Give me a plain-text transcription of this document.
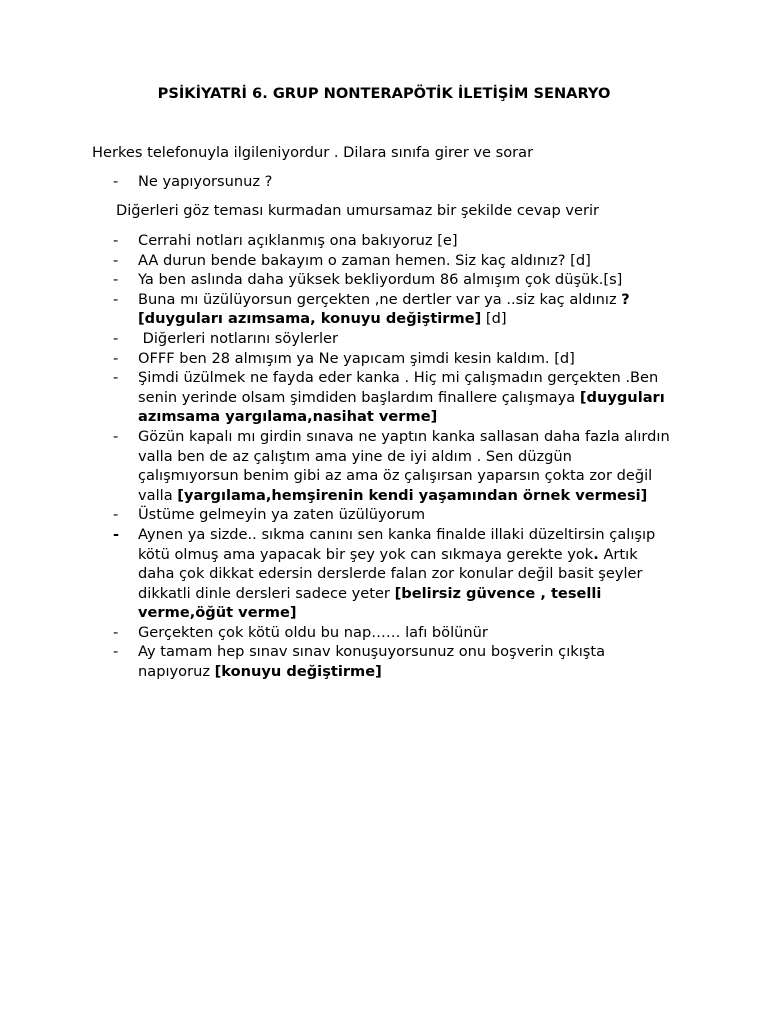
PSİKİYATRİ 6. GRUP NONTERAPÖTİK İLETİŞİM SENARYO
Herkes telefonuyla ilgileniyordur . Dilara sınıfa girer ve sorar
- Ne yapıyorsunuz ?
Diğerleri göz teması kurmadan umursamaz bir şekilde cevap verir
- Cerrahi notları açıklanmış ona bakıyoruz [e]
- AA durun bende bakayım o zaman hemen. Siz kaç aldınız? [d]
- Ya ben aslında daha yüksek bekliyordum 86 almışım çok düşük.[s]
- Buna mı üzülüyorsun gerçekten ,ne dertler var ya ..siz kaç aldınız ? [duyguları azımsama, konuyu değiştirme] [d]
- Diğerleri notlarını söylerler
- OFFF ben 28 almışım ya Ne yapıcam şimdi kesin kaldım. [d]
- Şimdi üzülmek ne fayda eder kanka . Hiç mi çalışmadın gerçekten .Ben senin yerinde olsam şimdiden başlardım finallere çalışmaya [duyguları azımsama yargılama,nasihat verme]
- Gözün kapalı mı girdin sınava ne yaptın kanka sallasan daha fazla alırdın valla ben de az çalıştım ama yine de iyi aldım . Sen düzgün çalışmıyorsun benim gibi az ama öz çalışırsan yaparsın çokta zor değil valla [yargılama,hemşirenin kendi yaşamından örnek vermesi]
- Üstüme gelmeyin ya zaten üzülüyorum
- Aynen ya sizde.. sıkma canını sen kanka finalde illaki düzeltirsin çalışıp kötü olmuş ama yapacak bir şey yok can sıkmaya gerekte yok. Artık daha çok dikkat edersin derslerde falan zor konular değil basit şeyler dikkatli dinle dersleri sadece yeter [belirsiz güvence , teselli verme,öğüt verme]
- Gerçekten çok kötü oldu bu nap…… lafı bölünür
- Ay tamam hep sınav sınav konuşuyorsunuz onu boşverin çıkışta napıyoruz [konuyu değiştirme]
